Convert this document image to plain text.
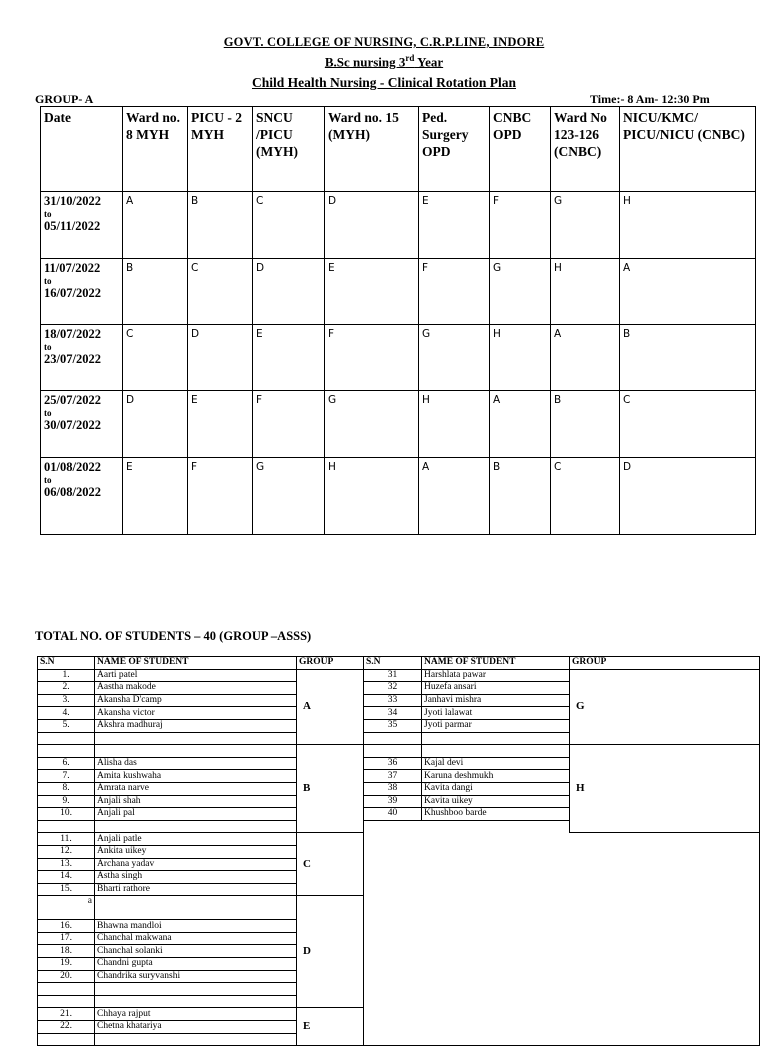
GOVT. COLLEGE OF NURSING, C.R.P.LINE, INDORE
B.Sc nursing 3rd Year
Child Health Nursing - Clinical Rotation Plan
GROUP- A	Time:- 8 Am- 12:30 Pm
Date	Ward no. 8 MYH	PICU - 2 MYH	SNCU /PICU (MYH)	Ward no. 15 (MYH)	Ped. Surgery OPD	CNBC OPD	Ward No 123-126 (CNBC)	NICU/KMC/ PICU/NICU (CNBC)
31/10/2022
to
05/11/2022	A	B	C	D	E	F	G	H
11/07/2022
to
16/07/2022	B	C	D	E	F	G	H	A
18/07/2022
to
23/07/2022	C	D	E	F	G	H	A	B
25/07/2022
to
30/07/2022	D	E	F	G	H	A	B	C
01/08/2022
to
06/08/2022	E	F	G	H	A	B	C	D
TOTAL NO. OF STUDENTS – 40 (GROUP –ASSS)
S.N	NAME OF STUDENT	GROUP	S.N	NAME OF STUDENT	GROUP
1.	Aarti patel	A	31	Harshlata pawar	G
2.	Aastha makode		32	Huzefa ansari	
3.	Akansha D'camp		33	Janhavi mishra	
4.	Akansha victor		34	Jyoti lalawat	
5.	Akshra madhuraj		35	Jyoti parmar	

		B			H
6.	Alisha das		36	Kajal devi	
7.	Amita kushwaha		37	Karuna deshmukh	
8.	Amrata narve		38	Kavita dangi	
9.	Anjali shah		39	Kavita uikey	
10.	Anjali pal		40	Khushboo barde	

11.	Anjali patle	C			
12.	Ankita uikey				
13.	Archana yadav				
14.	Astha singh				
15.	Bharti rathore				
a		D			
16.	Bhawna mandloi				
17.	Chanchal makwana				
18.	Chanchal solanki				
19.	Chandni gupta				
20.	Chandrika suryvanshi				

21.	Chhaya rajput	E			
22.	Chetna khatariya				
